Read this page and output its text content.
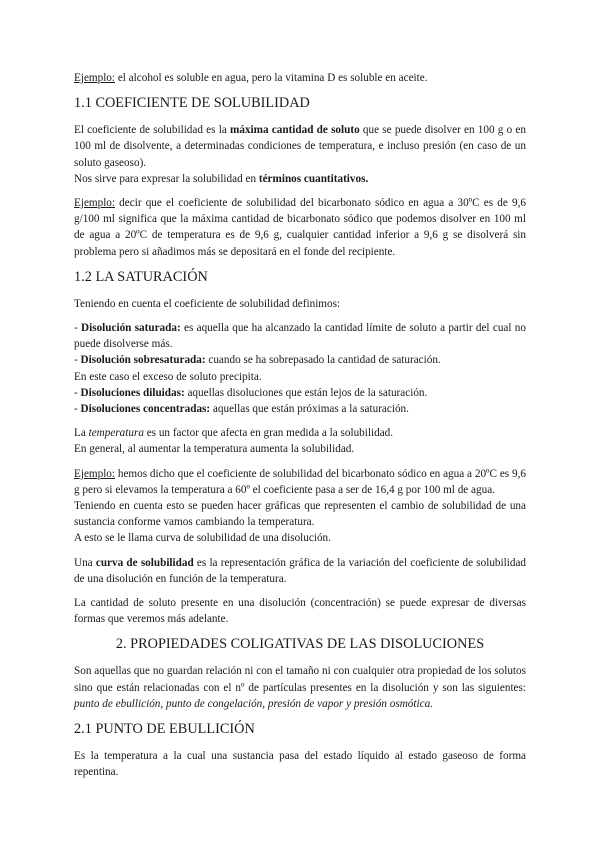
Ejemplo: el alcohol es soluble en agua, pero la vitamina D es soluble en aceite.

1.1 COEFICIENTE DE SOLUBILIDAD

El coeficiente de solubilidad es la máxima cantidad de soluto que se puede disolver en 100 g o en 100 ml de disolvente, a determinadas condiciones de temperatura, e incluso presión (en caso de un soluto gaseoso).
Nos sirve para expresar la solubilidad en términos cuantitativos.

Ejemplo: decir que el coeficiente de solubilidad del bicarbonato sódico en agua a 30ºC es de 9,6 g/100 ml significa que la máxima cantidad de bicarbonato sódico que podemos disolver en 100 ml de agua a 20ºC de temperatura es de 9,6 g, cualquier cantidad inferior a 9,6 g se disolverá sin problema pero si añadimos más se depositará en el fonde del recipiente.

1.2 LA SATURACIÓN

Teniendo en cuenta el coeficiente de solubilidad definimos:

- Disolución saturada: es aquella que ha alcanzado la cantidad límite de soluto a partir del cual no puede disolverse más.
- Disolución sobresaturada: cuando se ha sobrepasado la cantidad de saturación.
En este caso el exceso de soluto precipita.
- Disoluciones diluidas: aquellas disoluciones que están lejos de la saturación.
- Disoluciones concentradas: aquellas que están próximas a la saturación.

La temperatura es un factor que afecta en gran medida a la solubilidad.
En general, al aumentar la temperatura aumenta la solubilidad.

Ejemplo: hemos dicho que el coeficiente de solubilidad del bicarbonato sódico en agua a 20ºC es 9,6 g pero si elevamos la temperatura a 60º el coeficiente pasa a ser de 16,4 g por 100 ml de agua.
Teniendo en cuenta esto se pueden hacer gráficas que representen el cambio de solubilidad de una sustancia conforme vamos cambiando la temperatura.
A esto se le llama curva de solubilidad de una disolución.

Una curva de solubilidad es la representación gráfica de la variación del coeficiente de solubilidad de una disolución en función de la temperatura.

La cantidad de soluto presente en una disolución (concentración) se puede expresar de diversas formas que veremos más adelante.

2. PROPIEDADES COLIGATIVAS DE LAS DISOLUCIONES

Son aquellas que no guardan relación ni con el tamaño ni con cualquier otra propiedad de los solutos sino que están relacionadas con el nº de partículas presentes en la disolución y son las siguientes: punto de ebullición, punto de congelación, presión de vapor y presión osmótica.

2.1 PUNTO DE EBULLICIÓN

Es la temperatura a la cual una sustancia pasa del estado líquido al estado gaseoso de forma repentina.
